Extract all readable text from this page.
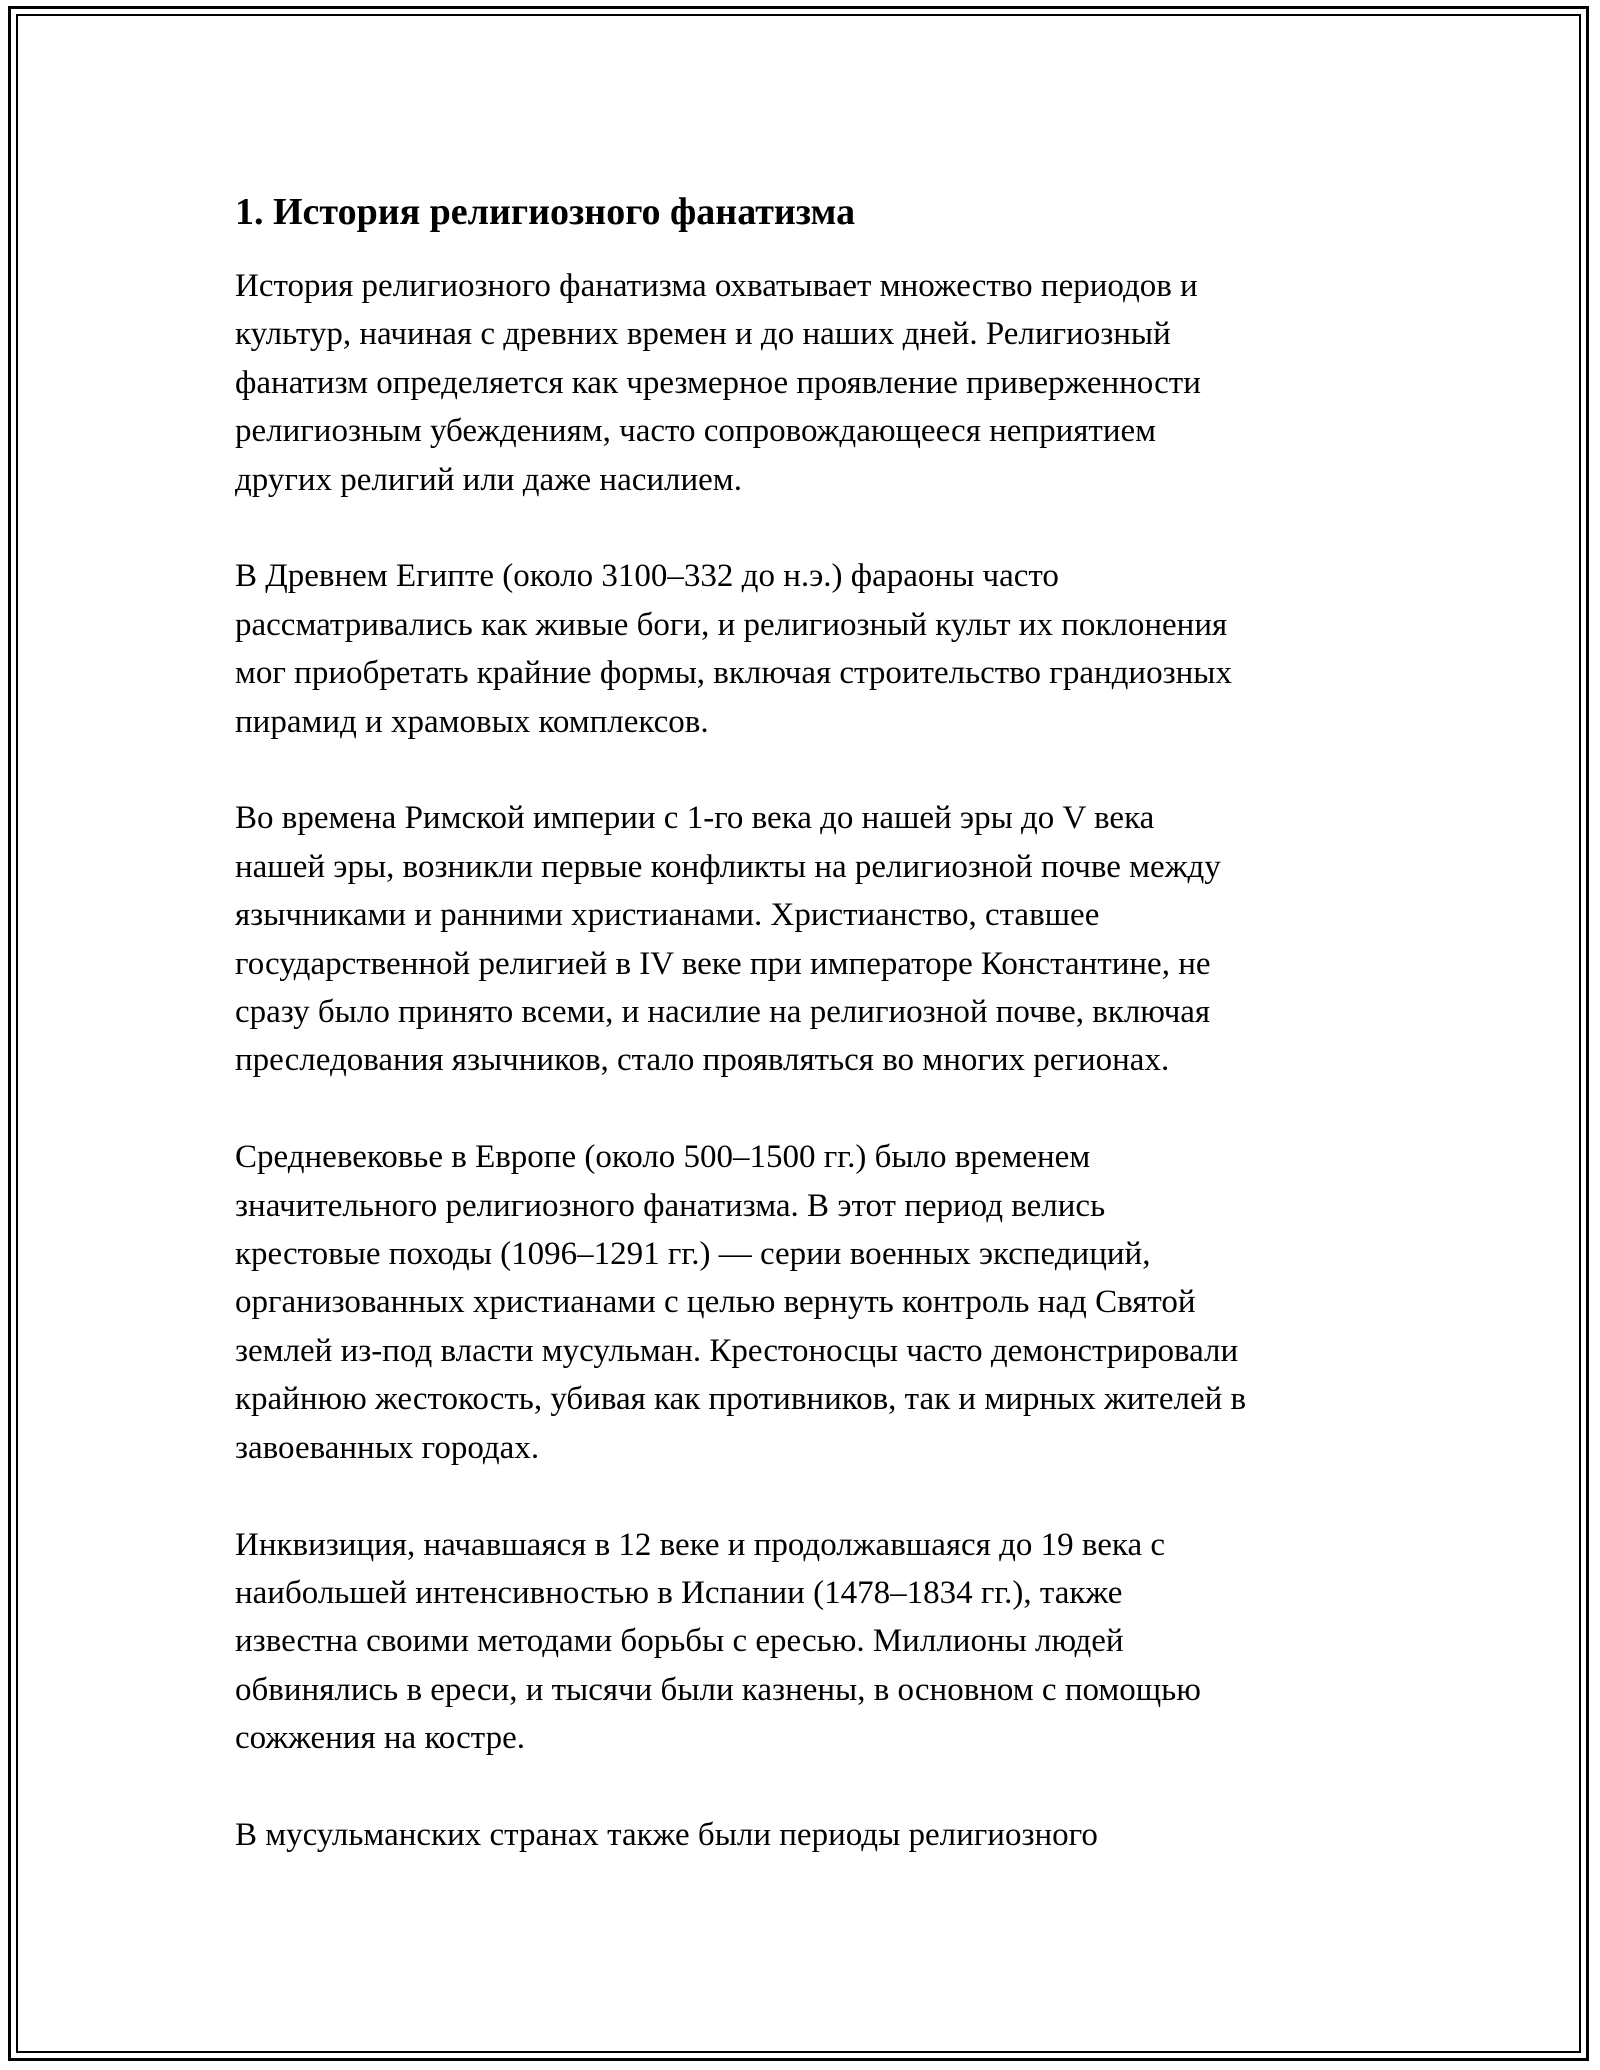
1. История религиозного фанатизма

История религиозного фанатизма охватывает множество периодов и
культур, начиная с древних времен и до наших дней. Религиозный
фанатизм определяется как чрезмерное проявление приверженности
религиозным убеждениям, часто сопровождающееся неприятием
других религий или даже насилием.

В Древнем Египте (около 3100–332 до н.э.) фараоны часто
рассматривались как живые боги, и религиозный культ их поклонения
мог приобретать крайние формы, включая строительство грандиозных
пирамид и храмовых комплексов.

Во времена Римской империи с 1-го века до нашей эры до V века
нашей эры, возникли первые конфликты на религиозной почве между
язычниками и ранними христианами. Христианство, ставшее
государственной религией в IV веке при императоре Константине, не
сразу было принято всеми, и насилие на религиозной почве, включая
преследования язычников, стало проявляться во многих регионах.

Средневековье в Европе (около 500–1500 гг.) было временем
значительного религиозного фанатизма. В этот период велись
крестовые походы (1096–1291 гг.) — серии военных экспедиций,
организованных христианами с целью вернуть контроль над Святой
землей из-под власти мусульман. Крестоносцы часто демонстрировали
крайнюю жестокость, убивая как противников, так и мирных жителей в
завоеванных городах.

Инквизиция, начавшаяся в 12 веке и продолжавшаяся до 19 века с
наибольшей интенсивностью в Испании (1478–1834 гг.), также
известна своими методами борьбы с ересью. Миллионы людей
обвинялись в ереси, и тысячи были казнены, в основном с помощью
сожжения на костре.

В мусульманских странах также были периоды религиозного
